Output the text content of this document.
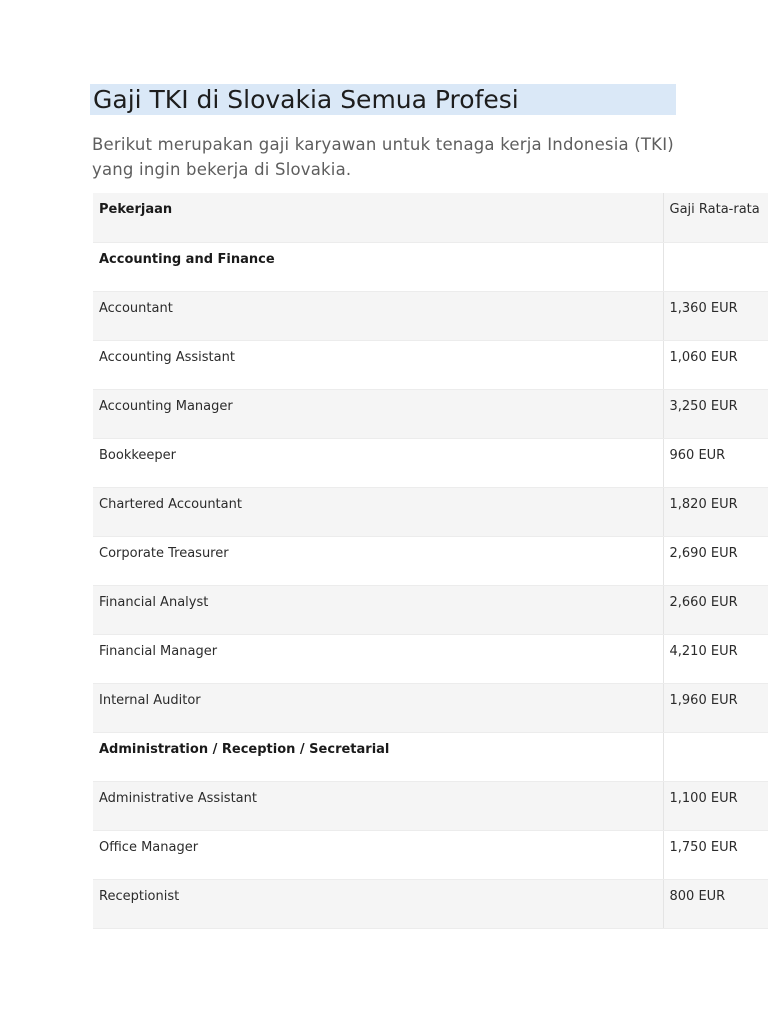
Gaji TKI di Slovakia Semua Profesi

Berikut merupakan gaji karyawan untuk tenaga kerja Indonesia (TKI) yang ingin bekerja di Slovakia.

Pekerjaan	Gaji Rata-rata
Accounting and Finance	
Accountant	1,360 EUR
Accounting Assistant	1,060 EUR
Accounting Manager	3,250 EUR
Bookkeeper	960 EUR
Chartered Accountant	1,820 EUR
Corporate Treasurer	2,690 EUR
Financial Analyst	2,660 EUR
Financial Manager	4,210 EUR
Internal Auditor	1,960 EUR
Administration / Reception / Secretarial	
Administrative Assistant	1,100 EUR
Office Manager	1,750 EUR
Receptionist	800 EUR
